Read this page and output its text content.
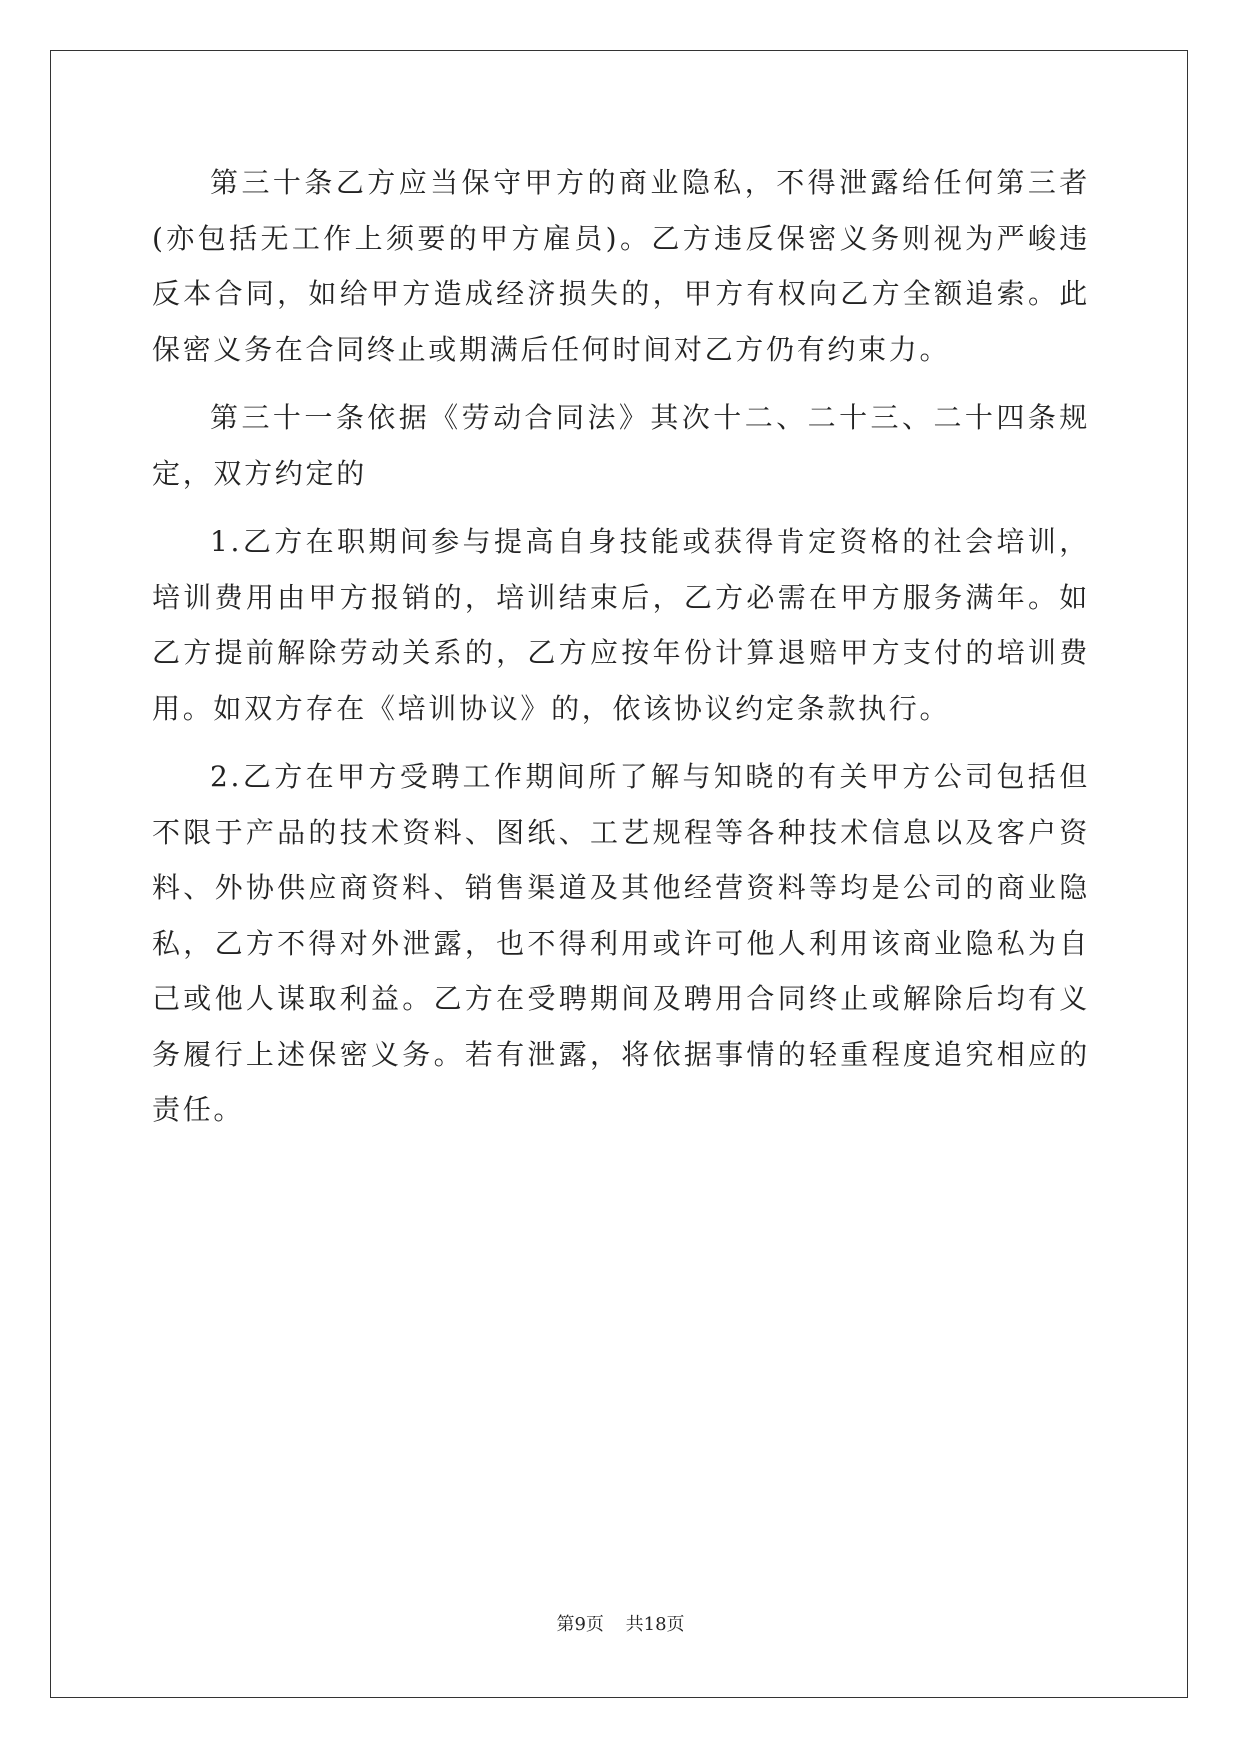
第三十条乙方应当保守甲方的商业隐私，不得泄露给任何第三者(亦包括无工作上须要的甲方雇员)。乙方违反保密义务则视为严峻违反本合同，如给甲方造成经济损失的，甲方有权向乙方全额追索。此保密义务在合同终止或期满后任何时间对乙方仍有约束力。

第三十一条依据《劳动合同法》其次十二、二十三、二十四条规定，双方约定的

1.乙方在职期间参与提高自身技能或获得肯定资格的社会培训，培训费用由甲方报销的，培训结束后，乙方必需在甲方服务满年。如乙方提前解除劳动关系的，乙方应按年份计算退赔甲方支付的培训费用。如双方存在《培训协议》的，依该协议约定条款执行。

2.乙方在甲方受聘工作期间所了解与知晓的有关甲方公司包括但不限于产品的技术资料、图纸、工艺规程等各种技术信息以及客户资料、外协供应商资料、销售渠道及其他经营资料等均是公司的商业隐私，乙方不得对外泄露，也不得利用或许可他人利用该商业隐私为自己或他人谋取利益。乙方在受聘期间及聘用合同终止或解除后均有义务履行上述保密义务。若有泄露，将依据事情的轻重程度追究相应的责任。

第9页 共18页
